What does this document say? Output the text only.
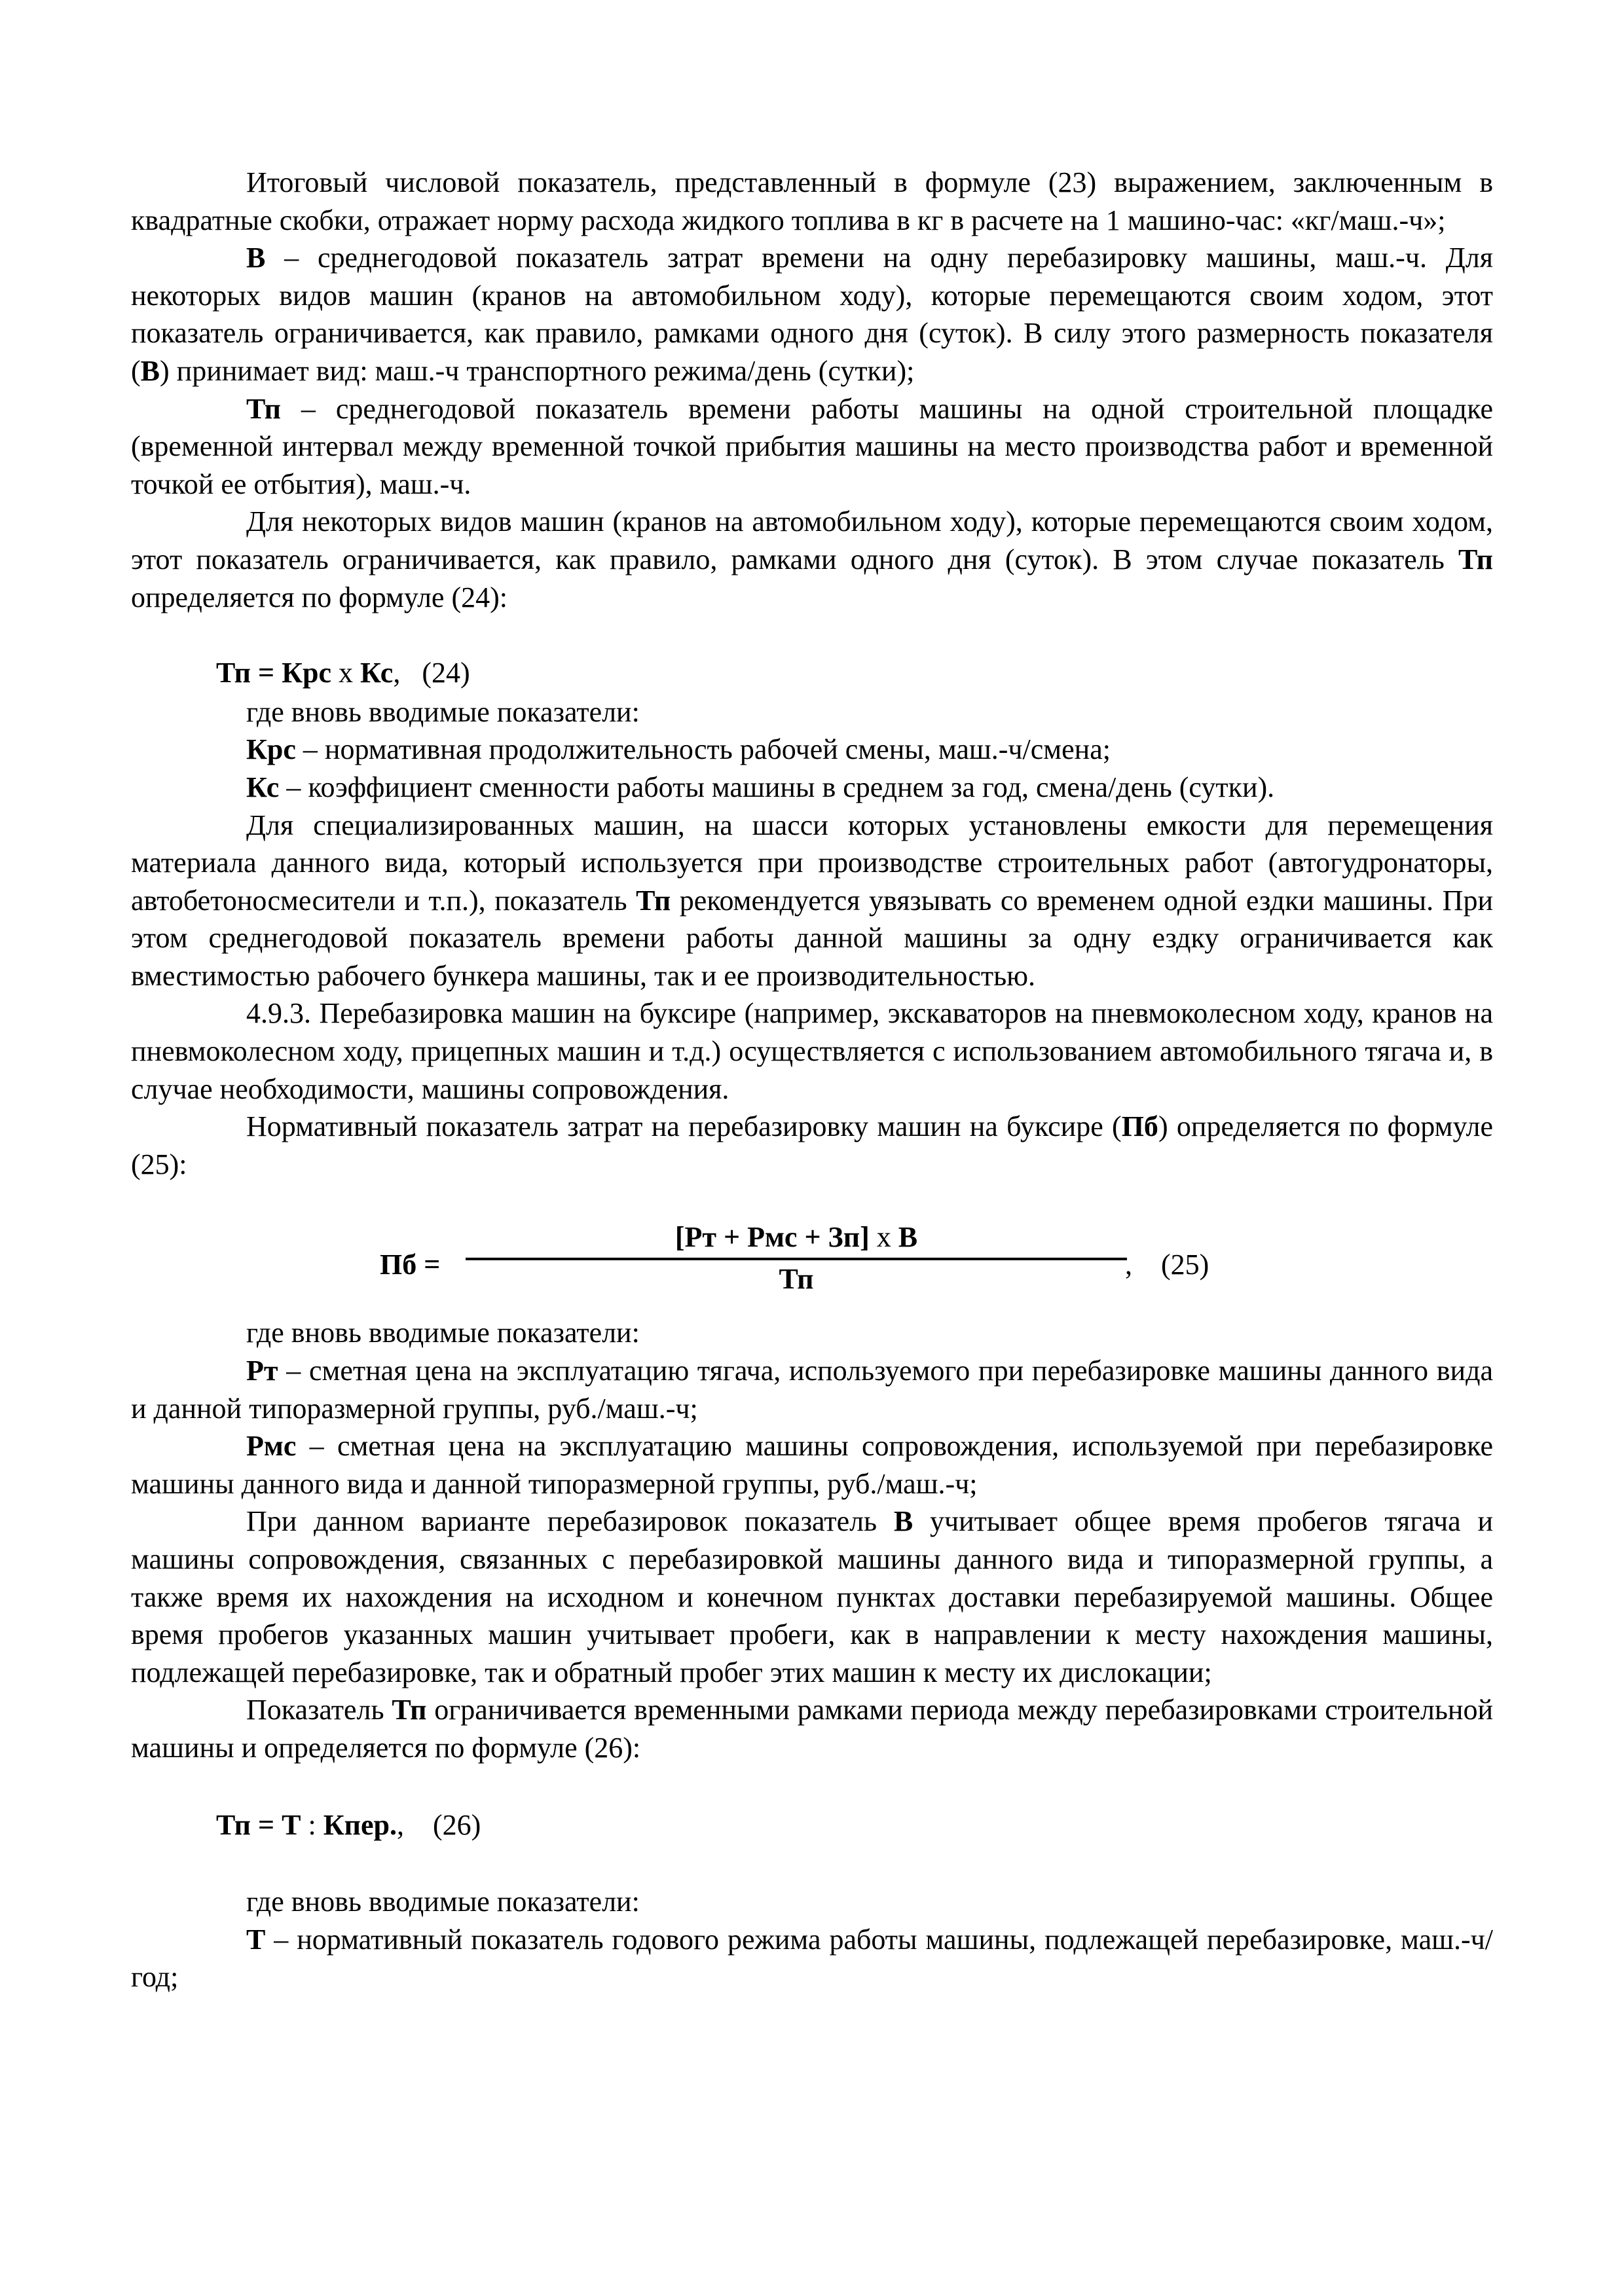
Итоговый числовой показатель, представленный в формуле (23) выражением, заключенным в квадратные скобки, отражает норму расхода жидкого топлива в кг в расчете на 1 машино-час: «кг/маш.-ч»;

В – среднегодовой показатель затрат времени на одну перебазировку машины, маш.-ч. Для некоторых видов машин (кранов на автомобильном ходу), которые перемещаются своим ходом, этот показатель ограничивается, как правило, рамками одного дня (суток). В силу этого размерность показателя (В) принимает вид: маш.-ч транспортного режима/день (сутки);

Тп – среднегодовой показатель времени работы машины на одной строительной площадке (временной интервал между временной точкой прибытия машины на место производства работ и временной точкой ее отбытия), маш.-ч.

Для некоторых видов машин (кранов на автомобильном ходу), которые перемещаются своим ходом, этот показатель ограничивается, как правило, рамками одного дня (суток). В этом случае показатель Тп определяется по формуле (24):

Тп = Крс х Кс,   (24)

где вновь вводимые показатели:

Крс – нормативная продолжительность рабочей смены, маш.-ч/смена;

Кс – коэффициент сменности работы машины в среднем за год, смена/день (сутки).

Для специализированных машин, на шасси которых установлены емкости для перемещения материала данного вида, который используется при производстве строительных работ (автогудронаторы, автобетоносмесители и т.п.), показатель Тп рекомендуется увязывать со временем одной ездки машины. При этом среднегодовой показатель времени работы данной машины за одну ездку ограничивается как вместимостью рабочего бункера машины, так и ее производительностью.

4.9.3. Перебазировка машин на буксире (например, экскаваторов на пневмоколесном ходу, кранов на пневмоколесном ходу, прицепных машин и т.д.) осуществляется с использованием автомобильного тягача и, в случае необходимости, машины сопровождения.

Нормативный показатель затрат на перебазировку машин на буксире (Пб) определяется по формуле (25):

Пб =
[Рт + Рмс + Зп] х В
Тп	,    (25)

где вновь вводимые показатели:

Рт – сметная цена на эксплуатацию тягача, используемого при перебазировке машины данного вида и данной типоразмерной группы, руб./маш.-ч;

Рмс – сметная цена на эксплуатацию машины сопровождения, используемой при перебазировке машины данного вида и данной типоразмерной группы, руб./маш.-ч;

При данном варианте перебазировок показатель В учитывает общее время пробегов тягача и машины сопровождения, связанных с перебазировкой машины данного вида и типоразмерной группы, а также время их нахождения на исходном и конечном пунктах доставки перебазируемой машины. Общее время пробегов указанных машин учитывает пробеги, как в направлении к месту нахождения машины, подлежащей перебазировке, так и обратный пробег этих машин к месту их дислокации;

Показатель Тп ограничивается временными рамками периода между перебазировками строительной машины и определяется по формуле (26):

Тп = Т : Кпер.,    (26)

где вновь вводимые показатели:

Т – нормативный показатель годового режима работы машины, подлежащей перебазировке, маш.-ч/год;
